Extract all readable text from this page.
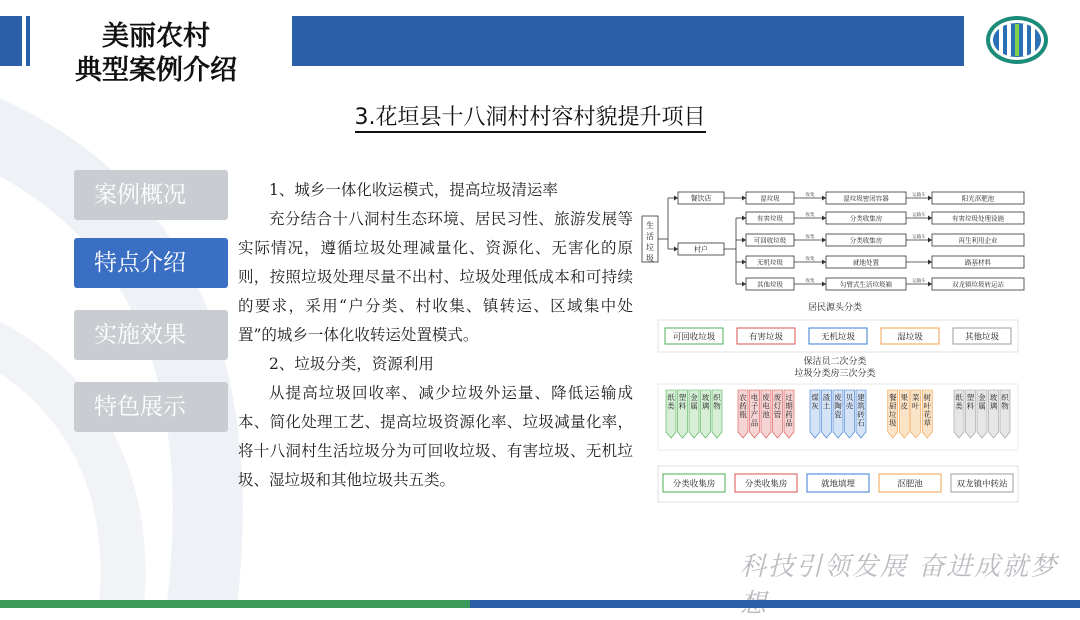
美丽农村
典型案例介绍
3.花垣县十八洞村村容村貌提升项目
案例概况
特点介绍
实施效果
特色展示

1、城乡一体化收运模式，提高垃圾清运率

充分结合十八洞村生态环境、居民习性、旅游发展等实际情况，遵循垃圾处理减量化、资源化、无害化的原则，按照垃圾处理尽量不出村、垃圾处理低成本和可持续的要求，采用“户分类、村收集、镇转运、区域集中处置”的城乡一体化收转运处置模式。

2、垃圾分类，资源利用

从提高垃圾回收率、减少垃圾外运量、降低运输成本、简化处理工艺、提高垃圾资源化率、垃圾减量化率，将十八洞村生活垃圾分为可回收垃圾、有害垃圾、无机垃圾、湿垃圾和其他垃圾共五类。

生
活
垃
圾
餐饮店
村户
湿垃圾	收集	湿垃圾密闭容器	运输车	阳光沤肥池
有害垃圾	收集	分类收集房	运输车	有害垃圾处理设施
可回收垃圾	收集	分类收集房	运输车	再生利用企业
无机垃圾	收集	就地处置	路基材料
其他垃圾	收集	勾臂式生活垃圾箱	运输车	双龙镇垃圾转运站
居民源头分类
保洁员二次分类
垃圾分类房三次分类
可回收垃圾
纸
类
塑
料
金
属
玻
璃
织
物
分类收集房
有害垃圾
农
药
瓶
电
子
产
品
废
电
池
废
灯
管
过
期
药
品
分类收集房
无机垃圾
煤
灰
渣
土
废
陶
瓷
贝
壳
建
筑
砖
石
就地填埋
湿垃圾
餐
厨
垃
圾
果
皮
菜
叶
树
叶
花
草
沤肥池
其他垃圾
纸
类
塑
料
金
属
玻
璃
织
物
双龙镇中转站
科技引领发展 奋进成就梦
